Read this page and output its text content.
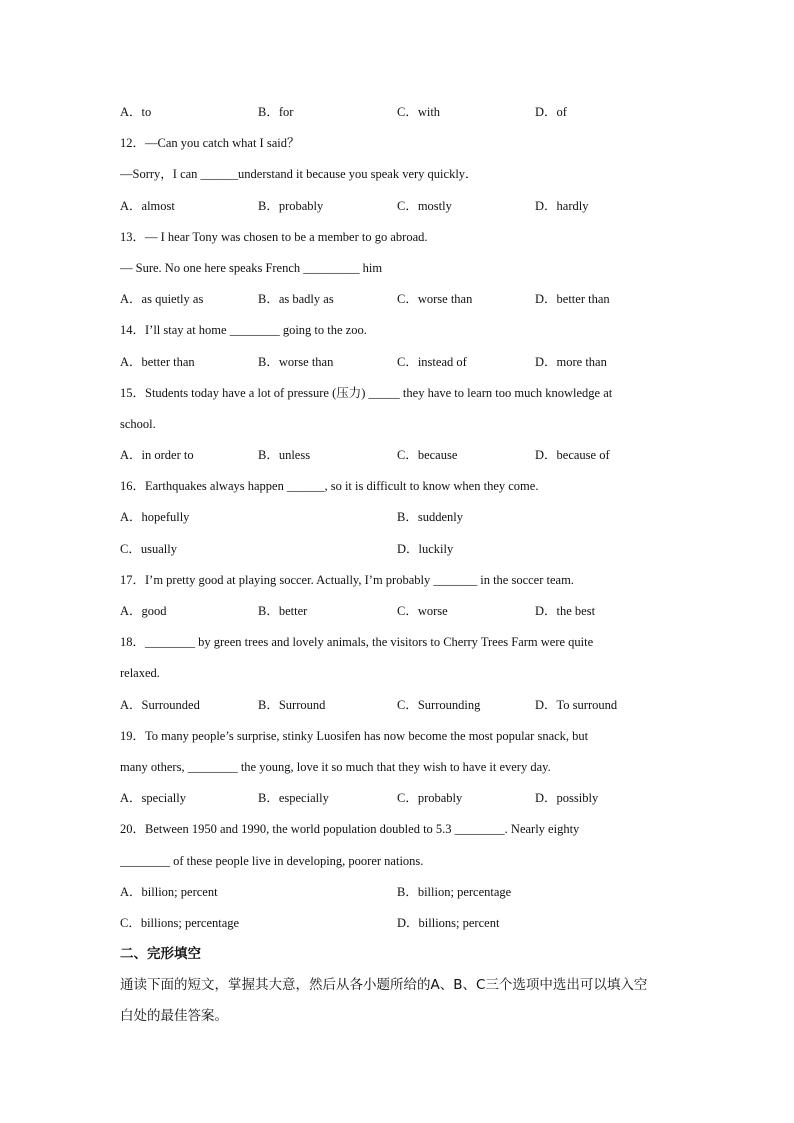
A．to	B．for	C．with	D．of
12．—Can you catch what I said？
—Sorry，I can ______understand it because you speak very quickly．
A．almost	B．probably	C．mostly	D．hardly
13．— I hear Tony was chosen to be a member to go abroad.
— Sure. No one here speaks French _________ him
A．as quietly as	B．as badly as	C．worse than	D．better than
14．I’ll stay at home ________ going to the zoo.
A．better than	B．worse than	C．instead of	D．more than
15．Students today have a lot of pressure (压力) _____ they have to learn too much knowledge at
school.
A．in order to	B．unless	C．because	D．because of
16．Earthquakes always happen ______, so it is difficult to know when they come.
A．hopefully	B．suddenly
C．usually	D．luckily
17．I’m pretty good at playing soccer. Actually, I’m probably _______ in the soccer team.
A．good	B．better	C．worse	D．the best
18．________ by green trees and lovely animals, the visitors to Cherry Trees Farm were quite
relaxed.
A．Surrounded	B．Surround	C．Surrounding	D．To surround
19．To many people’s surprise, stinky Luosifen has now become the most popular snack, but
many others, ________ the young, love it so much that they wish to have it every day.
A．specially	B．especially	C．probably	D．possibly
20．Between 1950 and 1990, the world population doubled to 5.3 ________. Nearly eighty
________ of these people live in developing, poorer nations.
A．billion; percent	B．billion; percentage
C．billions; percentage	D．billions; percent
二、完形填空
通读下面的短文，掌握其大意，然后从各小题所给的A、B、C三个选项中选出可以填入空
白处的最佳答案。
